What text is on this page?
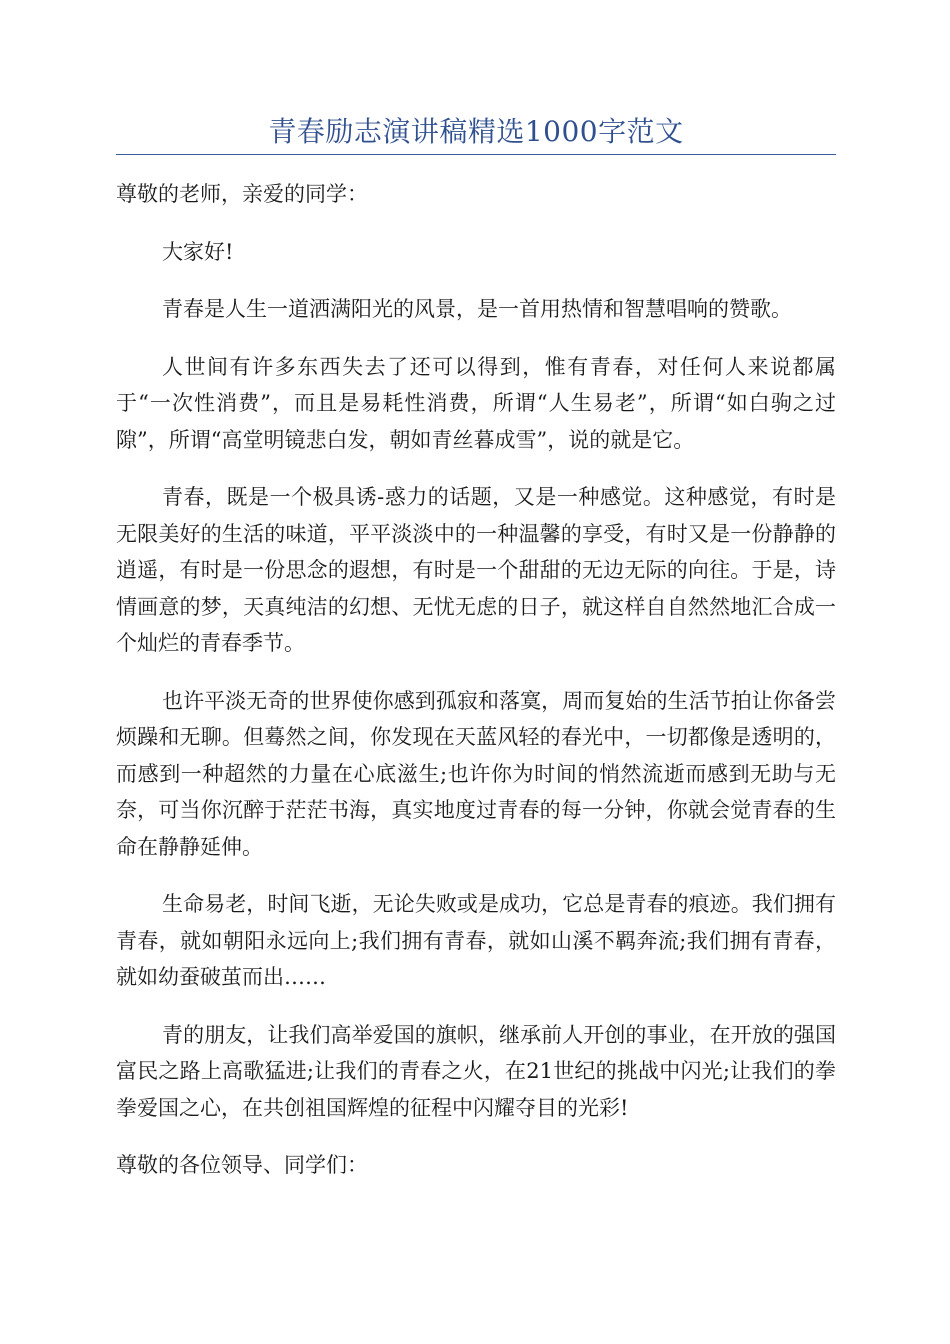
青春励志演讲稿精选1000字范文

尊敬的老师，亲爱的同学：

大家好!

青春是人生一道洒满阳光的风景，是一首用热情和智慧唱响的赞歌。

人世间有许多东西失去了还可以得到，惟有青春，对任何人来说都属于“一次性消费”，而且是易耗性消费，所谓“人生易老”，所谓“如白驹之过隙”，所谓“高堂明镜悲白发，朝如青丝暮成雪”，说的就是它。

青春，既是一个极具诱-惑力的话题，又是一种感觉。这种感觉，有时是无限美好的生活的味道，平平淡淡中的一种温馨的享受，有时又是一份静静的逍遥，有时是一份思念的遐想，有时是一个甜甜的无边无际的向往。于是，诗情画意的梦，天真纯洁的幻想、无忧无虑的日子，就这样自自然然地汇合成一个灿烂的青春季节。

也许平淡无奇的世界使你感到孤寂和落寞，周而复始的生活节拍让你备尝烦躁和无聊。但蓦然之间，你发现在天蓝风轻的春光中，一切都像是透明的，而感到一种超然的力量在心底滋生;也许你为时间的悄然流逝而感到无助与无奈，可当你沉醉于茫茫书海，真实地度过青春的每一分钟，你就会觉青春的生命在静静延伸。

生命易老，时间飞逝，无论失败或是成功，它总是青春的痕迹。我们拥有青春，就如朝阳永远向上;我们拥有青春，就如山溪不羁奔流;我们拥有青春，就如幼蚕破茧而出……

青的朋友，让我们高举爱国的旗帜，继承前人开创的事业，在开放的强国富民之路上高歌猛进;让我们的青春之火，在21世纪的挑战中闪光;让我们的拳拳爱国之心，在共创祖国辉煌的征程中闪耀夺目的光彩!

尊敬的各位领导、同学们：
